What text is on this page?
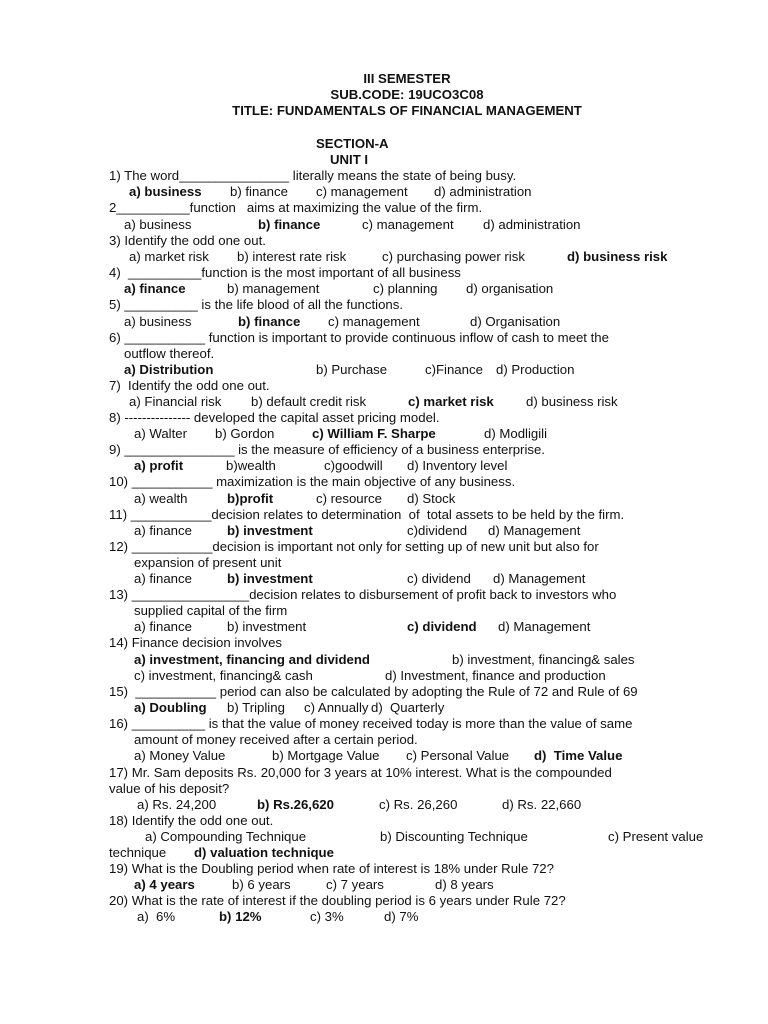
III SEMESTER
SUB.CODE: 19UCO3C08
TITLE: FUNDAMENTALS OF FINANCIAL MANAGEMENT
SECTION-A
UNIT I
1) The word_______________ literally means the state of being busy.
a) business b) finance c) management d) administration
2__________function   aims at maximizing the value of the firm.
a) business	b) finance	c) management d) administration
3) Identify the odd one out.
a) market risk b) interest rate risk	c) purchasing power risk	d) business risk
4)  __________function is the most important of all business
a) finance	b) management	c) planning d) organisation
5) __________ is the life blood of all the functions.
a) business	b) finance c) management	d) Organisation
6) ___________ function is important to provide continuous inflow of cash to meet the
outflow thereof.
a) Distribution	b) Purchase	c)Finance d) Production
7)  Identify the odd one out.
a) Financial risk b) default credit risk	c) market risk d) business risk
8) --------------- developed the capital asset pricing model.
a) Walter b) Gordon	c) William F. Sharpe	d) Modligili
9) _______________ is the measure of efficiency of a business enterprise.
a) profit	b)wealth	c)goodwill d) Inventory level
10) ___________ maximization is the main objective of any business.
a) wealth	b)profit	c) resource d) Stock
11) ___________decision relates to determination  of  total assets to be held by the firm.
a) finance	b) investment	c)dividend d) Management
12) ___________decision is important not only for setting up of new unit but also for
expansion of present unit
a) finance	b) investment	c) dividend d) Management
13) ________________decision relates to disbursement of profit back to investors who
supplied capital of the firm
a) finance	b) investment	c) dividend d) Management
14) Finance decision involves
a) investment, financing and dividend	b) investment, financing& sales
c) investment, financing& cash	d) Investment, finance and production
15)  ___________ period can also be calculated by adopting the Rule of 72 and Rule of 69
a) Doubling b) Tripling c) Annually d)  Quarterly
16) __________ is that the value of money received today is more than the value of same
amount of money received after a certain period.
a) Money Value	b) Mortgage Value c) Personal Value d)  Time Value
17) Mr. Sam deposits Rs. 20,000 for 3 years at 10% interest. What is the compounded
value of his deposit?
a) Rs. 24,200	b) Rs.26,620	c) Rs. 26,260	d) Rs. 22,660
18) Identify the odd one out.
a) Compounding Technique	b) Discounting Technique	c) Present value
technique d) valuation technique
19) What is the Doubling period when rate of interest is 18% under Rule 72?
a) 4 years	b) 6 years	c) 7 years	d) 8 years
20) What is the rate of interest if the doubling period is 6 years under Rule 72?
a)  6%	b) 12%	c) 3%	d) 7%
